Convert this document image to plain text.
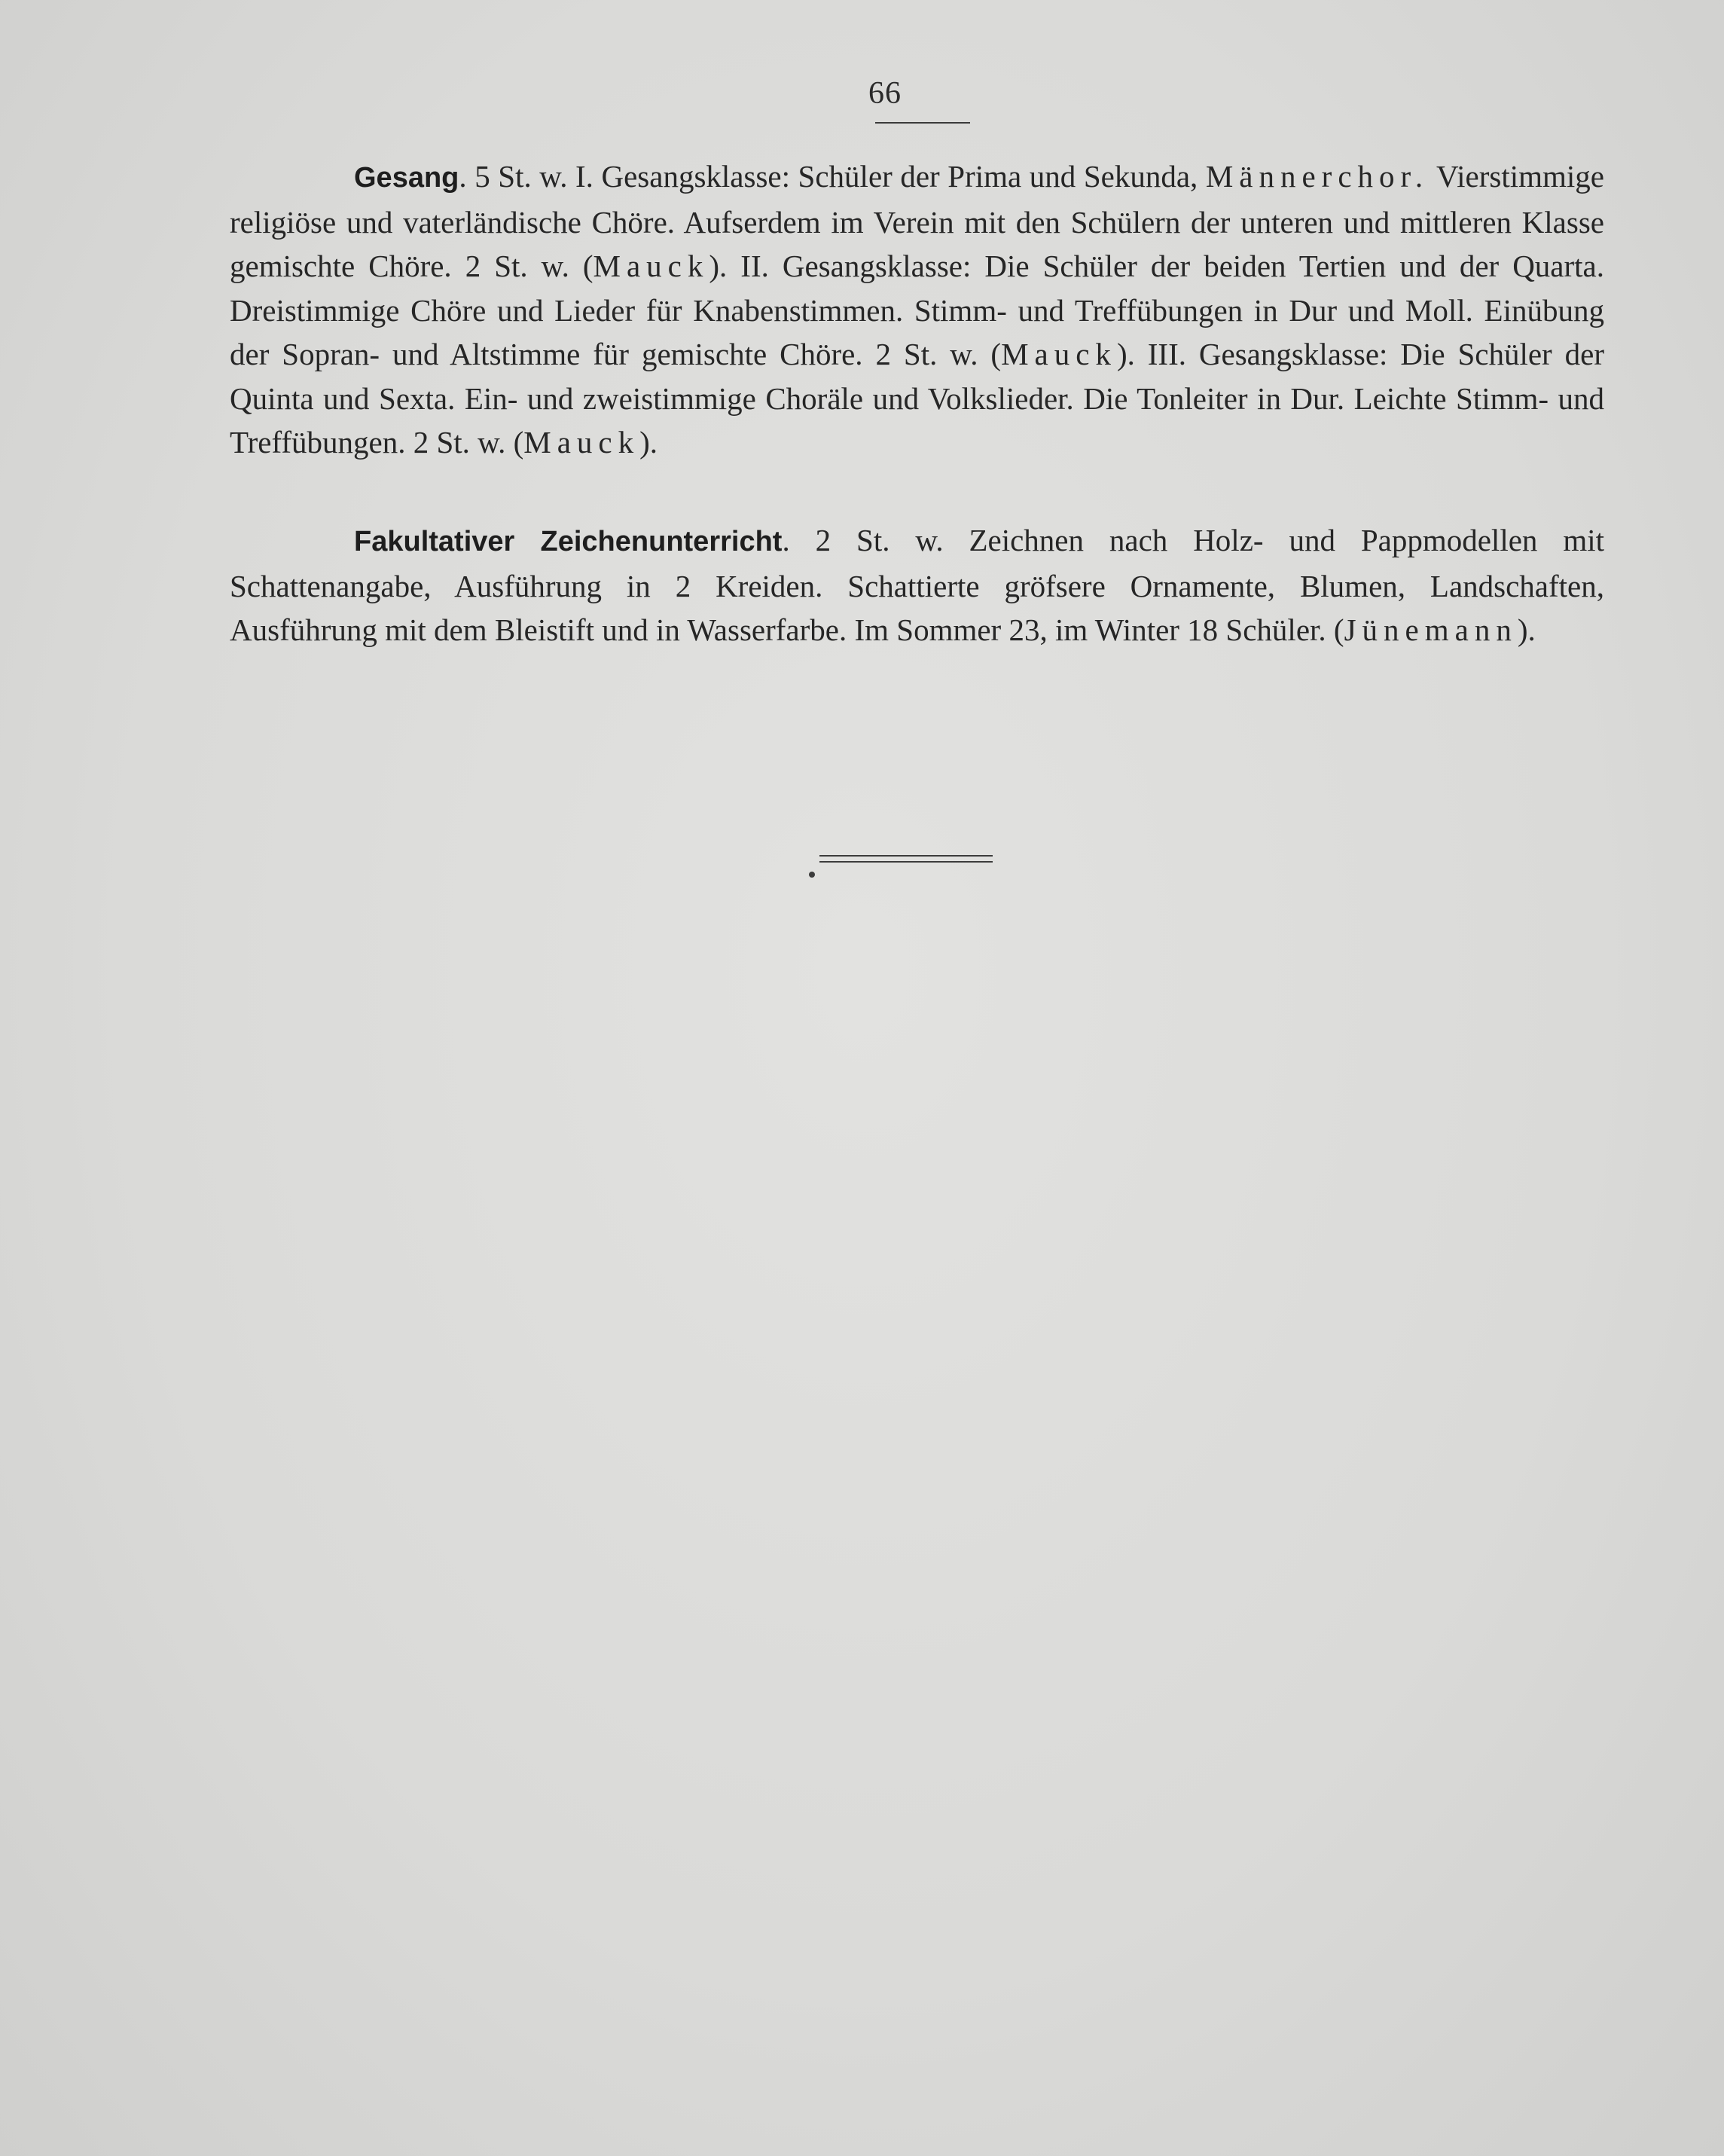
66

Gesang. 5 St. w. I. Gesangsklasse: Schüler der Prima und Sekunda, Männerchor. Vierstimmige religiöse und vaterländische Chöre. Aufserdem im Verein mit den Schülern der unteren und mittleren Klasse gemischte Chöre. 2 St. w. (Mauck). II. Gesangsklasse: Die Schüler der beiden Tertien und der Quarta. Dreistimmige Chöre und Lieder für Knabenstimmen. Stimm- und Treffübungen in Dur und Moll. Einübung der Sopran- und Altstimme für gemischte Chöre. 2 St. w. (Mauck). III. Gesangsklasse: Die Schüler der Quinta und Sexta. Ein- und zweistimmige Choräle und Volkslieder. Die Tonleiter in Dur. Leichte Stimm- und Treffübungen. 2 St. w. (Mauck).

Fakultativer Zeichenunterricht. 2 St. w. Zeichnen nach Holz- und Pappmodellen mit Schattenangabe, Ausführung in 2 Kreiden. Schattierte gröfsere Ornamente, Blumen, Landschaften, Ausführung mit dem Bleistift und in Wasserfarbe. Im Sommer 23, im Winter 18 Schüler. (Jünemann).
